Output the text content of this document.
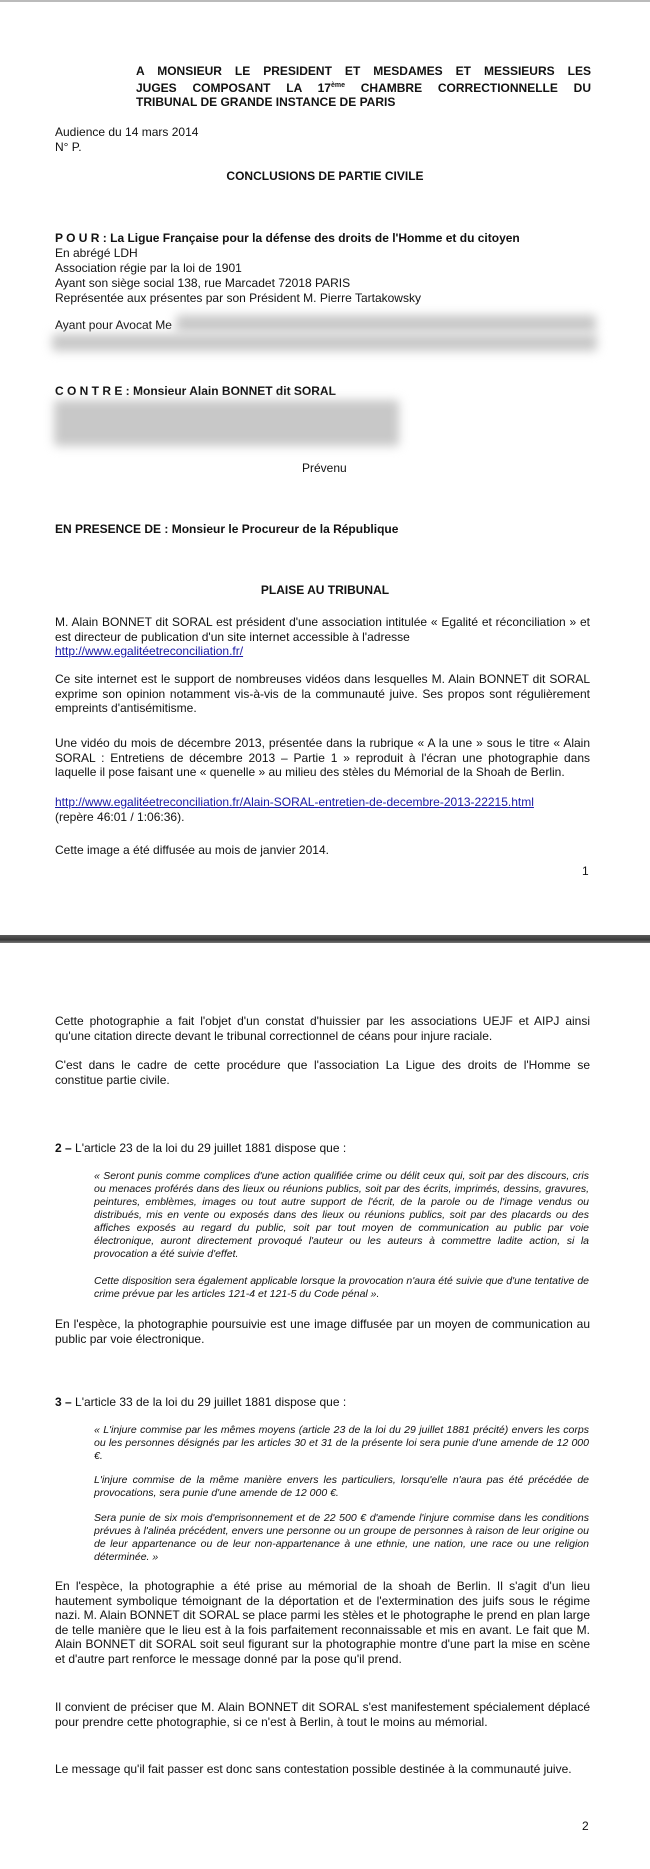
A MONSIEUR LE PRESIDENT ET MESDAMES ET MESSIEURS LES
JUGES COMPOSANT LA 17ème CHAMBRE CORRECTIONNELLE DU
TRIBUNAL DE GRANDE INSTANCE DE PARIS
Audience du 14 mars 2014
N° P.
CONCLUSIONS DE PARTIE CIVILE
P O U R : La Ligue Française pour la défense des droits de l'Homme et du citoyen
En abrégé LDH
Association régie par la loi de 1901
Ayant son siège social 138, rue Marcadet 72018 PARIS
Représentée aux présentes par son Président M. Pierre Tartakowsky
Ayant pour Avocat Me
C O N T R E : Monsieur Alain BONNET dit SORAL
Prévenu
EN PRESENCE DE : Monsieur le Procureur de la République
PLAISE AU TRIBUNAL
M. Alain BONNET dit SORAL est président d'une association intitulée « Egalité et réconciliation » et est directeur de publication d'un site internet accessible à l'adresse
http://www.egalitéetreconciliation.fr/
Ce site internet est le support de nombreuses vidéos dans lesquelles M. Alain BONNET dit SORAL exprime son opinion notamment vis-à-vis de la communauté juive. Ses propos sont régulièrement empreints d'antisémitisme.
Une vidéo du mois de décembre 2013, présentée dans la rubrique « A la une » sous le titre « Alain SORAL : Entretiens de décembre 2013 – Partie 1 » reproduit à l'écran une photographie dans laquelle il pose faisant une « quenelle » au milieu des stèles du Mémorial de la Shoah de Berlin.
http://www.egalitéetreconciliation.fr/Alain-SORAL-entretien-de-decembre-2013-22215.html
(repère 46:01 / 1:06:36).
Cette image a été diffusée au mois de janvier 2014.
1
Cette photographie a fait l'objet d'un constat d'huissier par les associations UEJF et AIPJ ainsi qu'une citation directe devant le tribunal correctionnel de céans pour injure raciale.
C'est dans le cadre de cette procédure que l'association La Ligue des droits de l'Homme se constitue partie civile.
2 – L'article 23 de la loi du 29 juillet 1881 dispose que :
« Seront punis comme complices d'une action qualifiée crime ou délit ceux qui, soit par des discours, cris ou menaces proférés dans des lieux ou réunions publics, soit par des écrits, imprimés, dessins, gravures, peintures, emblèmes, images ou tout autre support de l'écrit, de la parole ou de l'image vendus ou distribués, mis en vente ou exposés dans des lieux ou réunions publics, soit par des placards ou des affiches exposés au regard du public, soit par tout moyen de communication au public par voie électronique, auront directement provoqué l'auteur ou les auteurs à commettre ladite action, si la provocation a été suivie d'effet.
Cette disposition sera également applicable lorsque la provocation n'aura été suivie que d'une tentative de crime prévue par les articles 121-4 et 121-5 du Code pénal ».
En l'espèce, la photographie poursuivie est une image diffusée par un moyen de communication au public par voie électronique.
3 – L'article 33 de la loi du 29 juillet 1881 dispose que :
« L'injure commise par les mêmes moyens (article 23 de la loi du 29 juillet 1881 précité) envers les corps ou les personnes désignés par les articles 30 et 31 de la présente loi sera punie d'une amende de 12 000 €.
L'injure commise de la même manière envers les particuliers, lorsqu'elle n'aura pas été précédée de provocations, sera punie d'une amende de 12 000 €.
Sera punie de six mois d'emprisonnement et de 22 500 € d'amende l'injure commise dans les conditions prévues à l'alinéa précédent, envers une personne ou un groupe de personnes à raison de leur origine ou de leur appartenance ou de leur non-appartenance à une ethnie, une nation, une race ou une religion déterminée. »
En l'espèce, la photographie a été prise au mémorial de la shoah de Berlin. Il s'agit d'un lieu hautement symbolique témoignant de la déportation et de l'extermination des juifs sous le régime nazi. M. Alain BONNET dit SORAL se place parmi les stèles et le photographe le prend en plan large de telle manière que le lieu est à la fois parfaitement reconnaissable et mis en avant. Le fait que M. Alain BONNET dit SORAL soit seul figurant sur la photographie montre d'une part la mise en scène et d'autre part renforce le message donné par la pose qu'il prend.
Il convient de préciser que M. Alain BONNET dit SORAL s'est manifestement spécialement déplacé pour prendre cette photographie, si ce n'est à Berlin, à tout le moins au mémorial.
Le message qu'il fait passer est donc sans contestation possible destinée à la communauté juive.
2
